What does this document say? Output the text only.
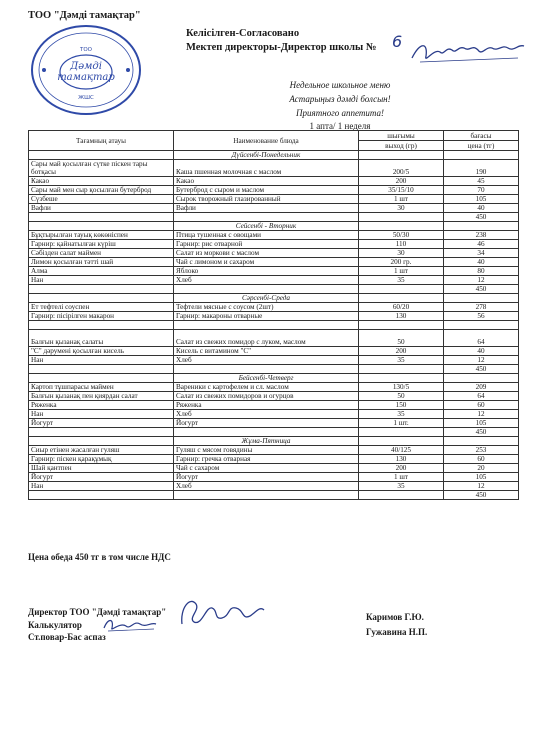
ТОО "Дәмді тамақтар"
Дәмді
тамақтар
ТОО
ЖШС
Келісілген-Согласовано
Мектеп директоры-Директор школы № 6
Недельное школьное меню
Астарыңыз дәмді болсын!
Приятного аппетита!
1 апта/ 1 неделя
Тағамның атауы	Наименование блюда	шығымы	бағасы
		выход (гр)	цена (тг)
	Дүйсенбі-Понедельник		
Сары май қосылған сүтке піскен тары ботқасы	Каша пшенная молочная с маслом	200/5	190
Какао	Какао	200	45
Сары май мен сыр қосылған бутерброд	Бутерброд с сыром и маслом	35/15/10	70
Сүзбеше	Сырок творожный глазированный	1 шт	105
Вафли	Вафли	30	40
			450
	Сейсенбі - Вторник		
Бұқтырылған тауық көкөніспен	Птица тушенная с овощами	50/30	238
Гарнир: қайнатылған күріш	Гарнир: рис отварной	110	46
Сәбізден салат маймен	Салат из моркови с маслом	30	34
Лимон қосылған тәтті шай	Чай с лимоном и сахаром	200 гр.	40
Алма	Яблоко	1 шт	80
Нан	Хлеб	35	12
			450
	Сәрсенбі-Среда		
Ет тефтелі соуспен	Тефтели мясные с соусом (2шт)	60/20	278
Гарнир: пісірілген макарон	Гарнир: макароны отварные	130	56

Балғын қызанақ салаты	Салат из свежих помидор с луком, маслом	50	64
"С" дәрумені қосылған кисель	Кисель с витамином "С"	200	40
Нан	Хлеб	35	12
			450
	Бейсенбі-Четверг		
Картоп тұшпарасы маймен	Вареники с картофелем и сл. маслом	130/5	209
Балғын қызанақ пен қиярдан салат	Салат из свежих помидоров и огурцов	50	64
Ряженка	Ряженка	150	60
Нан	Хлеб	35	12
Йогурт	Йогурт	1 шт.	105
			450
	Жұма-Пятница		
Сиыр етінен жасалған гуляш	Гуляш с мясом говядины	40/125	253
Гарнир: піскен қарақұмық	Гарнир: гречка отварная	130	60
Шай қантпен	Чай с сахаром	200	20
Йогурт	Йогурт	1 шт	105
Нан	Хлеб	35	12
			450
Цена обеда 450 тг в том числе НДС
Директор ТОО "Дәмді тамақтар"
Калькулятор
Ст.повар-Бас аспаз
Каримов Г.Ю.
Гужавина Н.П.
